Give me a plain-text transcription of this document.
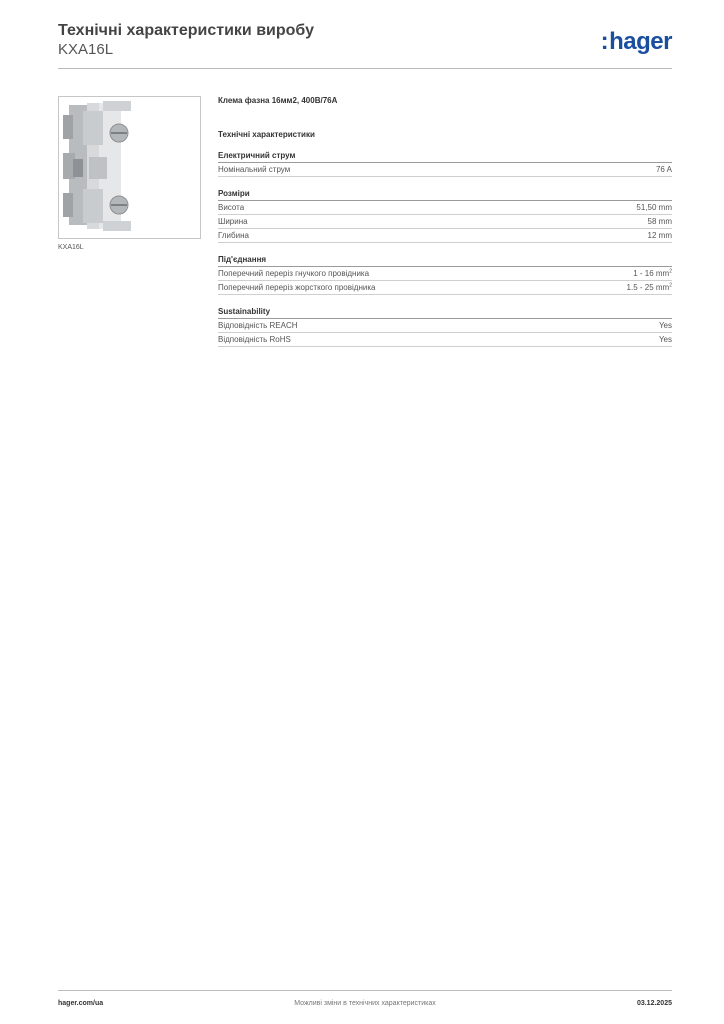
Технічні характеристики виробу
KXA16L	:hager
KXA16L
Клема фазна 16мм2, 400В/76A
Технічні характеристики
Електричний струм
Номінальний струм	76 A
Розміри
Висота	51,50 mm
Ширина	58 mm
Глибина	12 mm
Під'єднання
Поперечний переріз гнучкого провідника	1 - 16 $mm^2$
Поперечний переріз жорсткого провідника	1.5 - 25 $mm^2$
Sustainability
Відповідність REACH	Yes
Відповідність RoHS	Yes
hager.com/ua	Можливі зміни в технічних характеристиках	03.12.2025
